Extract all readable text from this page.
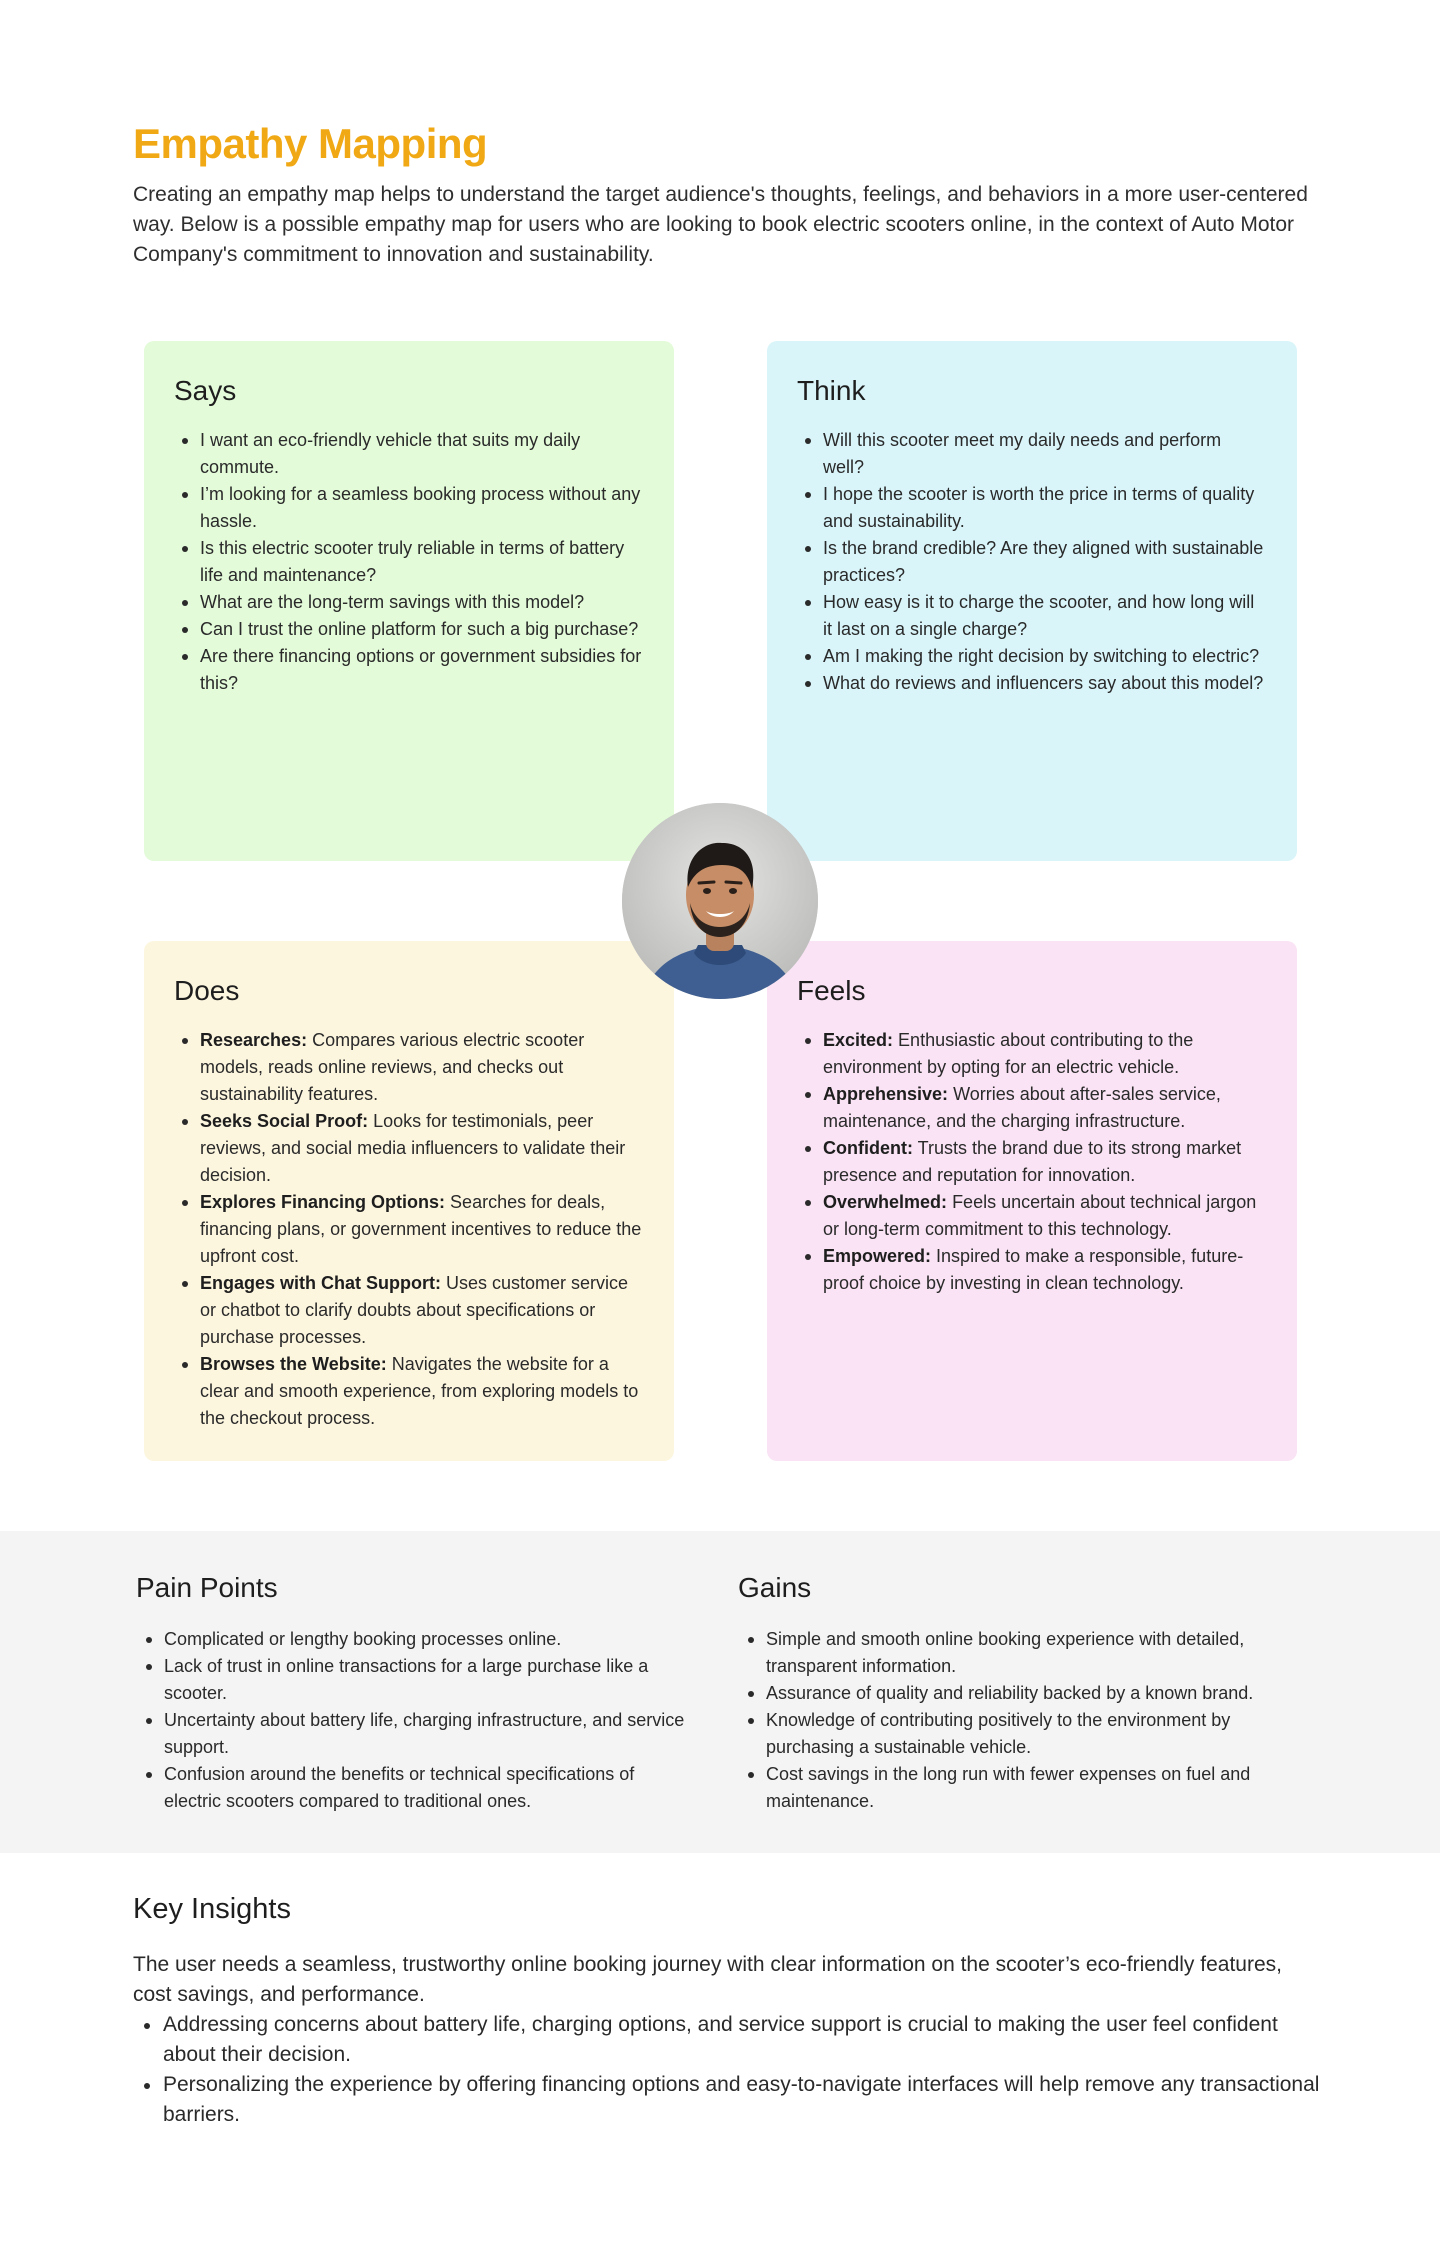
Empathy Mapping

Creating an empathy map helps to understand the target audience's thoughts, feelings, and behaviors in a more user-centered way. Below is a possible empathy map for users who are looking to book electric scooters online, in the context of Auto Motor Company's commitment to innovation and sustainability.

Says
I want an eco-friendly vehicle that suits my daily commute.
I’m looking for a seamless booking process without any hassle.
Is this electric scooter truly reliable in terms of battery life and maintenance?
What are the long-term savings with this model?
Can I trust the online platform for such a big purchase?
Are there financing options or government subsidies for this?
Think
Will this scooter meet my daily needs and perform well?
I hope the scooter is worth the price in terms of quality and sustainability.
Is the brand credible? Are they aligned with sustainable practices?
How easy is it to charge the scooter, and how long will it last on a single charge?
Am I making the right decision by switching to electric?
What do reviews and influencers say about this model?
Does
Researches: Compares various electric scooter models, reads online reviews, and checks out sustainability features.
Seeks Social Proof: Looks for testimonials, peer reviews, and social media influencers to validate their decision.
Explores Financing Options: Searches for deals, financing plans, or government incentives to reduce the upfront cost.
Engages with Chat Support: Uses customer service or chatbot to clarify doubts about specifications or purchase processes.
Browses the Website: Navigates the website for a clear and smooth experience, from exploring models to the checkout process.
Feels
Excited: Enthusiastic about contributing to the environment by opting for an electric vehicle.
Apprehensive: Worries about after-sales service, maintenance, and the charging infrastructure.
Confident: Trusts the brand due to its strong market presence and reputation for innovation.
Overwhelmed: Feels uncertain about technical jargon or long-term commitment to this technology.
Empowered: Inspired to make a responsible, future-proof choice by investing in clean technology.
Pain Points
Complicated or lengthy booking processes online.
Lack of trust in online transactions for a large purchase like a scooter.
Uncertainty about battery life, charging infrastructure, and service support.
Confusion around the benefits or technical specifications of electric scooters compared to traditional ones.
Gains
Simple and smooth online booking experience with detailed, transparent information.
Assurance of quality and reliability backed by a known brand.
Knowledge of contributing positively to the environment by purchasing a sustainable vehicle.
Cost savings in the long run with fewer expenses on fuel and maintenance.
Key Insights

The user needs a seamless, trustworthy online booking journey with clear information on the scooter’s eco-friendly features, cost savings, and performance.

Addressing concerns about battery life, charging options, and service support is crucial to making the user feel confident about their decision.
Personalizing the experience by offering financing options and easy-to-navigate interfaces will help remove any transactional barriers.
